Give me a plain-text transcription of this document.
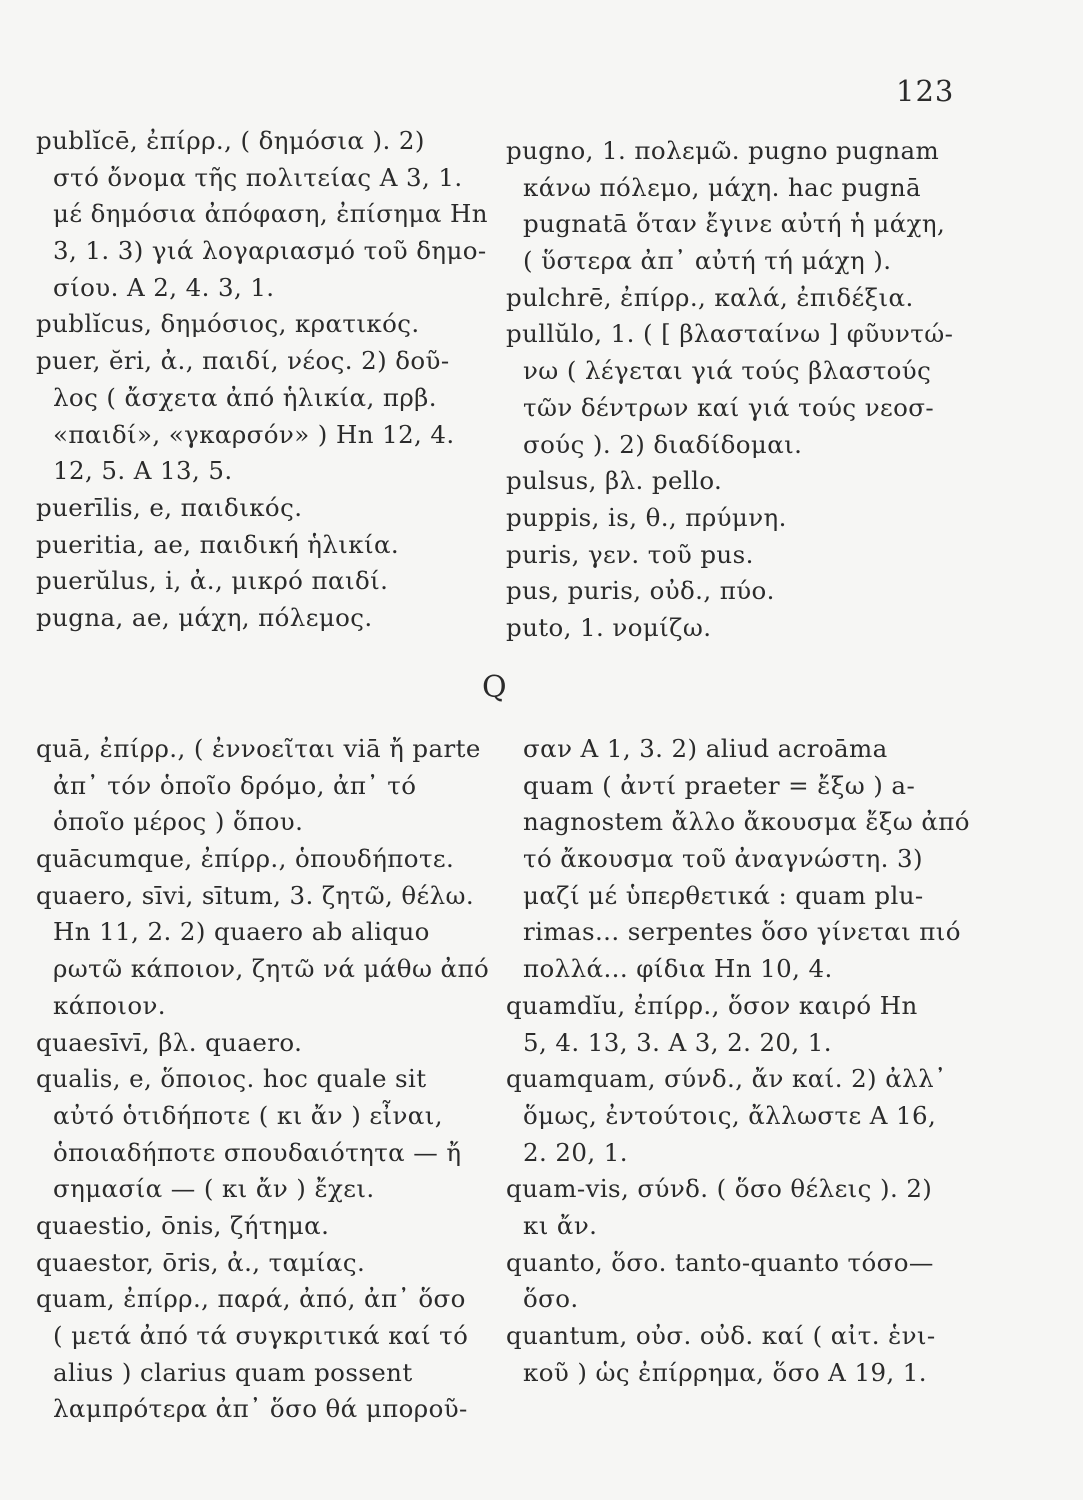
123
publĭcē, ἐπίρρ., ( δημόσια ). 2)
στό ὄνομα τῆς πολιτείας Α 3, 1.
μέ δημόσια ἀπόφαση, ἐπίσημα Hn
3, 1. 3) γιά λογαριασμό τοῦ δημο-
σίου. Α 2, 4. 3, 1.
publĭcus, δημόσιος, κρατικός.
puer, ĕri, ἀ., παιδί, νέος. 2) δοῦ-
λος ( ἄσχετα ἀπό ἡλικία, πρβ.
«παιδί», «γκαρσόν» ) Hn 12, 4.
12, 5. Α 13, 5.
puerīlis, e, παιδικός.
pueritia, ae, παιδική ἡλικία.
puerŭlus, i, ἀ., μικρό παιδί.
pugna, ae, μάχη, πόλεμος.
pugno, 1. πολεμῶ. pugno pugnam
κάνω πόλεμο, μάχη. hac pugnā
pugnatā ὅταν ἔγινε αὐτή ἡ μάχη,
( ὕστερα ἀπ᾽ αὐτή τή μάχη ).
pulchrē, ἐπίρρ., καλά, ἐπιδέξια.
pullŭlo, 1. ( [ βλασταίνω ] φῦυντώ-
νω ( λέγεται γιά τούς βλαστούς
τῶν δέντρων καί γιά τούς νεοσ-
σούς ). 2) διαδίδομαι.
pulsus, βλ. pello.
puppis, is, θ., πρύμνη.
puris, γεν. τοῦ pus.
pus, puris, οὐδ., πύο.
puto, 1. νομίζω.
Q
quā, ἐπίρρ., ( ἐννοεῖται viā ἤ parte
ἀπ᾽ τόν ὁποῖο δρόμο, ἀπ᾽ τό
ὁποῖο μέρος ) ὅπου.
quācumque, ἐπίρρ., ὁπουδήποτε.
quaero, sīvi, sītum, 3. ζητῶ, θέλω.
Hn 11, 2. 2) quaero ab aliquo
ρωτῶ κάποιον, ζητῶ νά μάθω ἀπό
κάποιον.
quaesīvī, βλ. quaero.
qualis, e, ὅποιος. hoc quale sit
αὐτό ὁτιδήποτε ( κι ἄν ) εἶναι,
ὁποιαδήποτε σπουδαιότητα — ἤ
σημασία — ( κι ἄν ) ἔχει.
quaestio, ōnis, ζήτημα.
quaestor, ōris, ἀ., ταμίας.
quam, ἐπίρρ., παρά, ἀπό, ἀπ᾽ ὅσο
( μετά ἀπό τά συγκριτικά καί τό
alius ) clarius quam possent
λαμπρότερα ἀπ᾽ ὅσο θά μποροῦ-
σαν Α 1, 3. 2) aliud acroāma
quam ( ἀντί praeter = ἔξω ) a-
nagnostem ἄλλο ἄκουσμα ἔξω ἀπό
τό ἄκουσμα τοῦ ἀναγνώστη. 3)
μαζί μέ ὑπερθετικά : quam plu-
rimas... serpentes ὅσο γίνεται πιό
πολλά... φίδια Hn 10, 4.
quamdĭu, ἐπίρρ., ὅσον καιρό Hn
5, 4. 13, 3. Α 3, 2. 20, 1.
quamquam, σύνδ., ἄν καί. 2) ἀλλ᾽
ὅμως, ἐντούτοις, ἄλλωστε Α 16,
2. 20, 1.
quam-vis, σύνδ. ( ὅσο θέλεις ). 2)
κι ἄν.
quanto, ὅσο. tanto-quanto τόσο—
ὅσο.
quantum, οὐσ. οὐδ. καί ( αἰτ. ἑνι-
κοῦ ) ὡς ἐπίρρημα, ὅσο Α 19, 1.
